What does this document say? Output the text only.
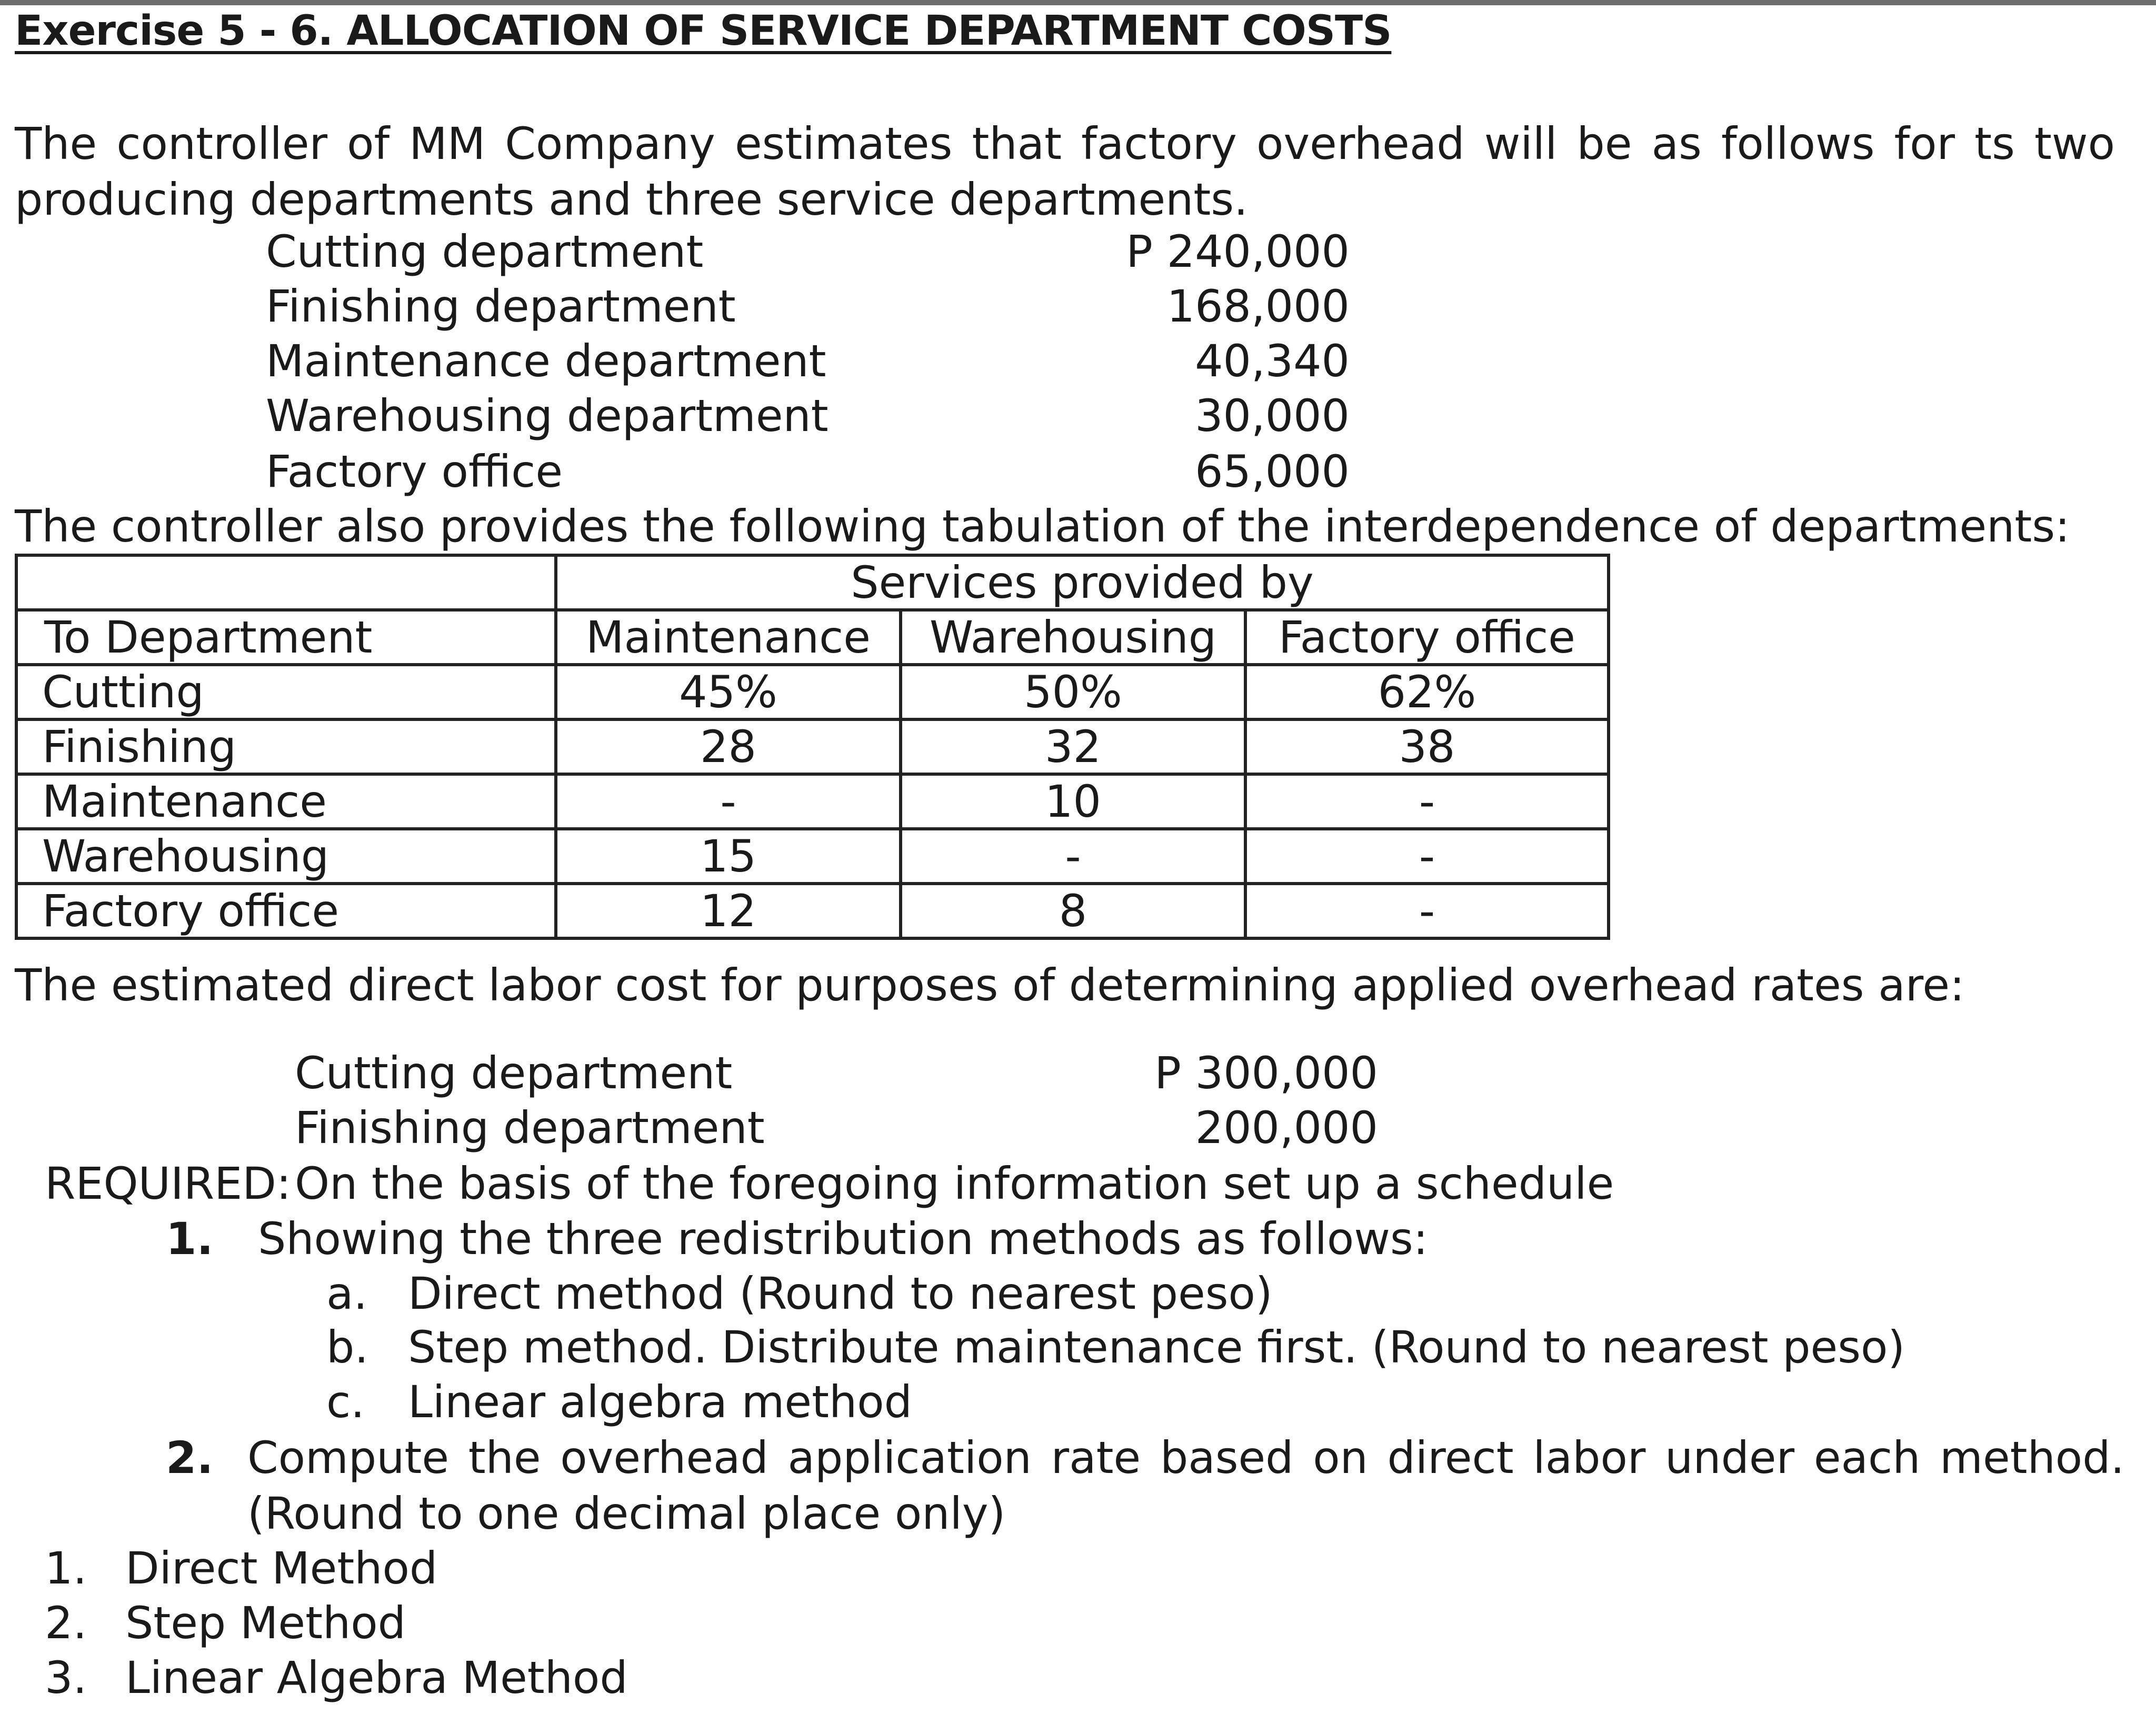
Exercise 5 - 6. ALLOCATION OF SERVICE DEPARTMENT COSTS
The controller of MM Company estimates that factory overhead will be as follows for ts two producing departments and three service departments.
Cutting department	P 240,000
Finishing department	168,000
Maintenance department	40,340
Warehousing department	30,000
Factory office	65,000
The controller also provides the following tabulation of the interdependence of departments:
	Services provided by		
To Department	Maintenance	Warehousing	Factory office
Cutting	45%	50%	62%
Finishing	28	32	38
Maintenance	-	10	-
Warehousing	15	-	-
Factory office	12	8	-
The estimated direct labor cost for purposes of determining applied overhead rates are:
Cutting department	P 300,000
Finishing department	200,000
REQUIRED: On the basis of the foregoing information set up a schedule
1. Showing the three redistribution methods as follows:
a. Direct method (Round to nearest peso)
b. Step method. Distribute maintenance first. (Round to nearest peso)
c. Linear algebra method
2. Compute the overhead application rate based on direct labor under each method.
(Round to one decimal place only)
1. Direct Method
2. Step Method
3. Linear Algebra Method
